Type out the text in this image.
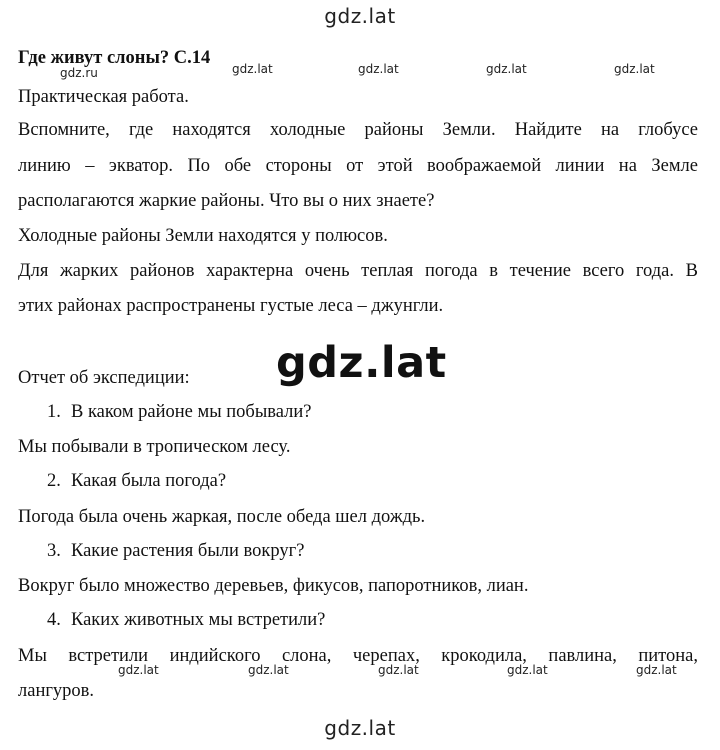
gdz.lat
Где живут слоны? С.14
gdz.ru	gdz.lat	gdz.lat	gdz.lat	gdz.lat
Практическая работа.
Вспомните, где находятся холодные районы Земли. Найдите на глобусе
линию – экватор. По обе стороны от этой воображаемой линии на Земле
располагаются жаркие районы. Что вы о них знаете?
Холодные районы Земли находятся у полюсов.
Для жарких районов характерна очень теплая погода в течение всего года. В
этих районах распространены густые леса – джунгли.
gdz.lat
Отчет об экспедиции:
1. В каком районе мы побывали?
Мы побывали в тропическом лесу.
2. Какая была погода?
Погода была очень жаркая, после обеда шел дождь.
3. Какие растения были вокруг?
Вокруг было множество деревьев, фикусов, папоротников, лиан.
4. Каких животных мы встретили?
Мы встретили индийского слона, черепах, крокодила, павлина, питона,
лангуров.
gdz.lat	gdz.lat	gdz.lat	gdz.lat	gdz.lat
gdz.lat
